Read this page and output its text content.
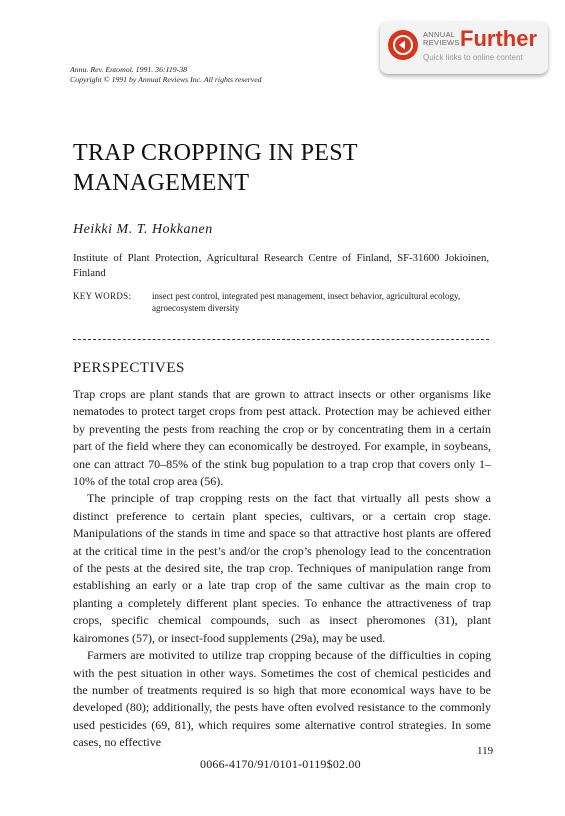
ANNUAL REVIEWS Further
Quick links to online content
Annu. Rev. Entomol. 1991. 36:119-38
Copyright © 1991 by Annual Reviews Inc. All rights reserved
TRAP CROPPING IN PEST MANAGEMENT
Heikki M. T. Hokkanen
Institute of Plant Protection, Agricultural Research Centre of Finland, SF-31600 Jokioinen, Finland
KEY WORDS: insect pest control, integrated pest management, insect behavior, agricultural ecology, agroecosystem diversity
PERSPECTIVES

Trap crops are plant stands that are grown to attract insects or other organisms like nematodes to protect target crops from pest attack. Protection may be achieved either by preventing the pests from reaching the crop or by concentrating them in a certain part of the field where they can economically be destroyed. For example, in soybeans, one can attract 70–85% of the stink bug population to a trap crop that covers only 1–10% of the total crop area (56).

The principle of trap cropping rests on the fact that virtually all pests show a distinct preference to certain plant species, cultivars, or a certain crop stage. Manipulations of the stands in time and space so that attractive host plants are offered at the critical time in the pest’s and/or the crop’s phenology lead to the concentration of the pests at the desired site, the trap crop. Techniques of manipulation range from establishing an early or a late trap crop of the same cultivar as the main crop to planting a completely different plant species. To enhance the attractiveness of trap crops, specific chemical compounds, such as insect pheromones (31), plant kairomones (57), or insect-food supplements (29a), may be used.

Farmers are motivited to utilize trap cropping because of the difficulties in coping with the pest situation in other ways. Sometimes the cost of chemical pesticides and the number of treatments required is so high that more economical ways have to be developed (80); additionally, the pests have often evolved resistance to the commonly used pesticides (69, 81), which requires some alternative control strategies. In some cases, no effective

119
0066-4170/91/0101-0119$02.00
